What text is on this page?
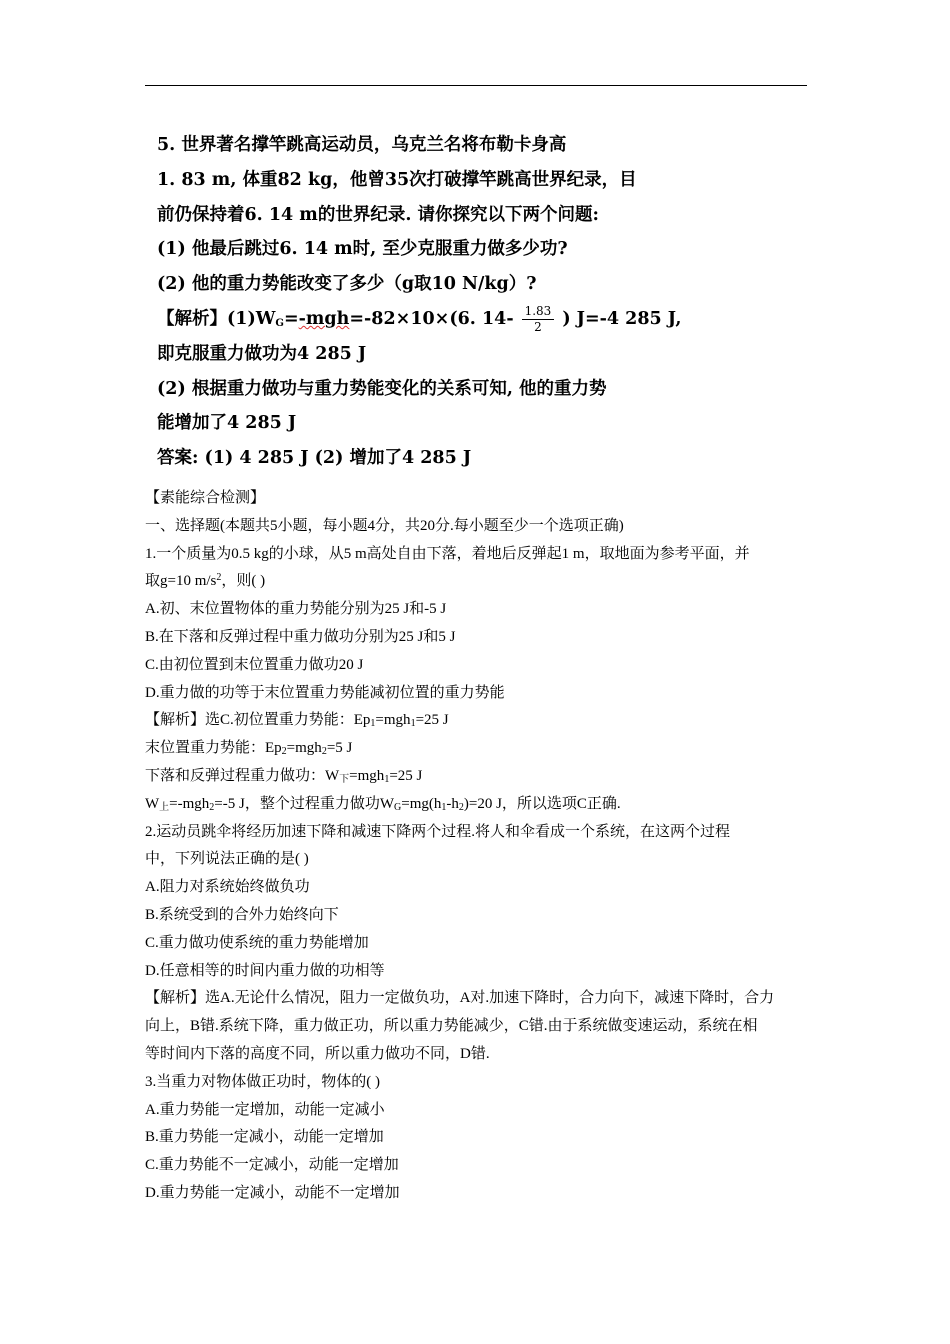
5. 世界著名撑竿跳高运动员，乌克兰名将布勒卡身高
1. 83 m, 体重82 kg，他曾35次打破撑竿跳高世界纪录，目
前仍保持着6. 14 m的世界纪录. 请你探究以下两个问题:
(1) 他最后跳过6. 14 m时, 至少克服重力做多少功?
(2) 他的重力势能改变了多少（g取10 N/kg）?
【解析】$(1)W_G=-mgh=-82\times 10\times(6$. $14- \frac{1.83}{2}$ ) J=-4 285 J,
即克服重力做功为4 285 J
(2) 根据重力做功与重力势能变化的关系可知, 他的重力势
能增加了4 285 J
答案: (1) 4 285 J (2) 增加了4 285 J
【素能综合检测】
一、选择题(本题共5小题，每小题4分，共20分.每小题至少一个选项正确)
1.一个质量为0.5 kg的小球，从5 m高处自由下落，着地后反弹起1 m，取地面为参考平面，并
取g=10 $m/s^2$，则( )
A.初、末位置物体的重力势能分别为25 J和-5 J
B.在下落和反弹过程中重力做功分别为25 J和5 J
C.由初位置到末位置重力做功20 J
D.重力做的功等于末位置重力势能减初位置的重力势能
【解析】选C.初位置重力势能：$Ep_1=mgh_1=25$ J
末位置重力势能：$Ep_2=mgh_2=5$ J
下落和反弹过程重力做功：$W_下=mgh_1=25$ J
$W_上=-mgh_2=-5$ J，整个过程重力做功$W_G=mg(h_1-h_2)=20$ J，所以选项C正确.
2.运动员跳伞将经历加速下降和减速下降两个过程.将人和伞看成一个系统，在这两个过程
中，下列说法正确的是( )
A.阻力对系统始终做负功
B.系统受到的合外力始终向下
C.重力做功使系统的重力势能增加
D.任意相等的时间内重力做的功相等
【解析】选A.无论什么情况，阻力一定做负功，A对.加速下降时，合力向下，减速下降时，合力
向上，B错.系统下降，重力做正功，所以重力势能减少，C错.由于系统做变速运动，系统在相
等时间内下落的高度不同，所以重力做功不同，D错.
3.当重力对物体做正功时，物体的( )
A.重力势能一定增加，动能一定减小
B.重力势能一定减小，动能一定增加
C.重力势能不一定减小，动能一定增加
D.重力势能一定减小，动能不一定增加
